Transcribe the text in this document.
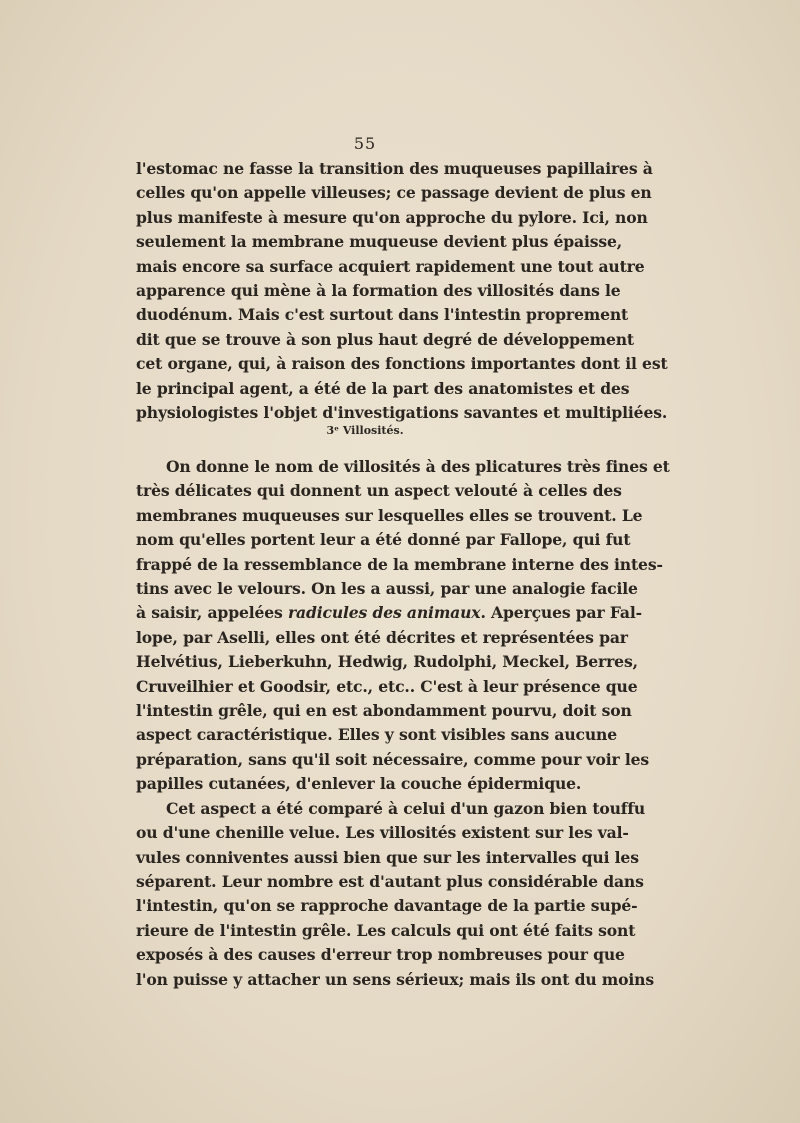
55
l'estomac ne fasse la transition des muqueuses papillaires à
celles qu'on appelle villeuses; ce passage devient de plus en
plus manifeste à mesure qu'on approche du pylore. Ici, non
seulement la membrane muqueuse devient plus épaisse,
mais encore sa surface acquiert rapidement une tout autre
apparence qui mène à la formation des villosités dans le
duodénum. Mais c'est surtout dans l'intestin proprement
dit que se trouve à son plus haut degré de développement
cet organe, qui, à raison des fonctions importantes dont il est
le principal agent, a été de la part des anatomistes et des
physiologistes l'objet d'investigations savantes et multipliées.
3ᵉ Villosités.
On donne le nom de villosités à des plicatures très fines et
très délicates qui donnent un aspect velouté à celles des
membranes muqueuses sur lesquelles elles se trouvent. Le
nom qu'elles portent leur a été donné par Fallope, qui fut
frappé de la ressemblance de la membrane interne des intes-
tins avec le velours. On les a aussi, par une analogie facile
à saisir, appelées radicules des animaux. Aperçues par Fal-
lope, par Aselli, elles ont été décrites et représentées par
Helvétius, Lieberkuhn, Hedwig, Rudolphi, Meckel, Berres,
Cruveilhier et Goodsir, etc., etc.. C'est à leur présence que
l'intestin grêle, qui en est abondamment pourvu, doit son
aspect caractéristique. Elles y sont visibles sans aucune
préparation, sans qu'il soit nécessaire, comme pour voir les
papilles cutanées, d'enlever la couche épidermique.
Cet aspect a été comparé à celui d'un gazon bien touffu
ou d'une chenille velue. Les villosités existent sur les val-
vules conniventes aussi bien que sur les intervalles qui les
séparent. Leur nombre est d'autant plus considérable dans
l'intestin, qu'on se rapproche davantage de la partie supé-
rieure de l'intestin grêle. Les calculs qui ont été faits sont
exposés à des causes d'erreur trop nombreuses pour que
l'on puisse y attacher un sens sérieux; mais ils ont du moins
